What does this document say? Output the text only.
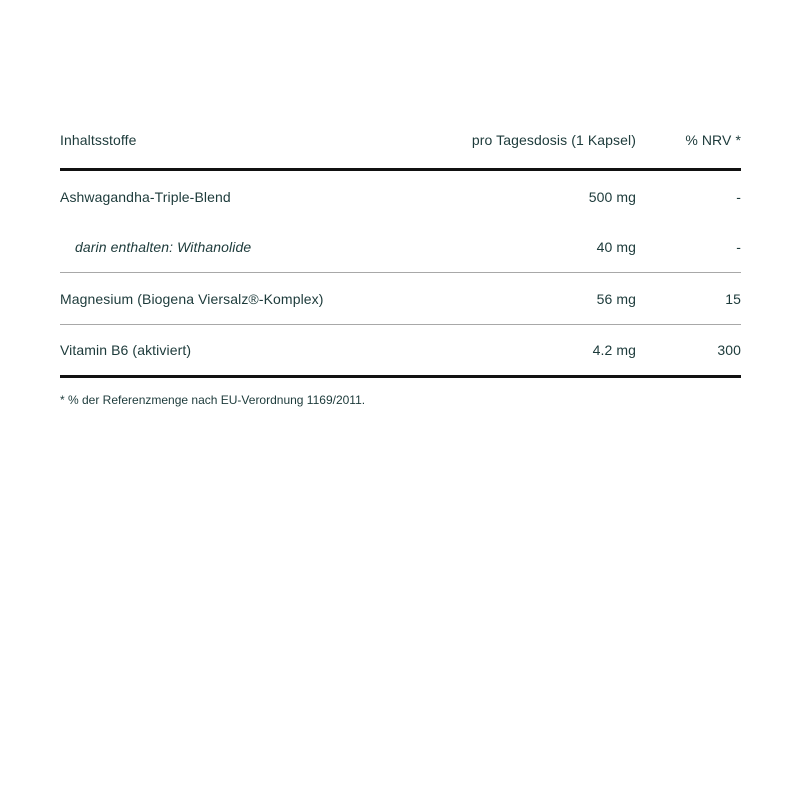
Inhaltsstoffe	pro Tagesdosis (1 Kapsel)	% NRV *
Ashwagandha-Triple-Blend	500 mg	-
darin enthalten: Withanolide	40 mg	-
Magnesium (Biogena Viersalz®-Komplex)	56 mg	15
Vitamin B6 (aktiviert)	4.2 mg	300
* % der Referenzmenge nach EU-Verordnung 1169/2011.
